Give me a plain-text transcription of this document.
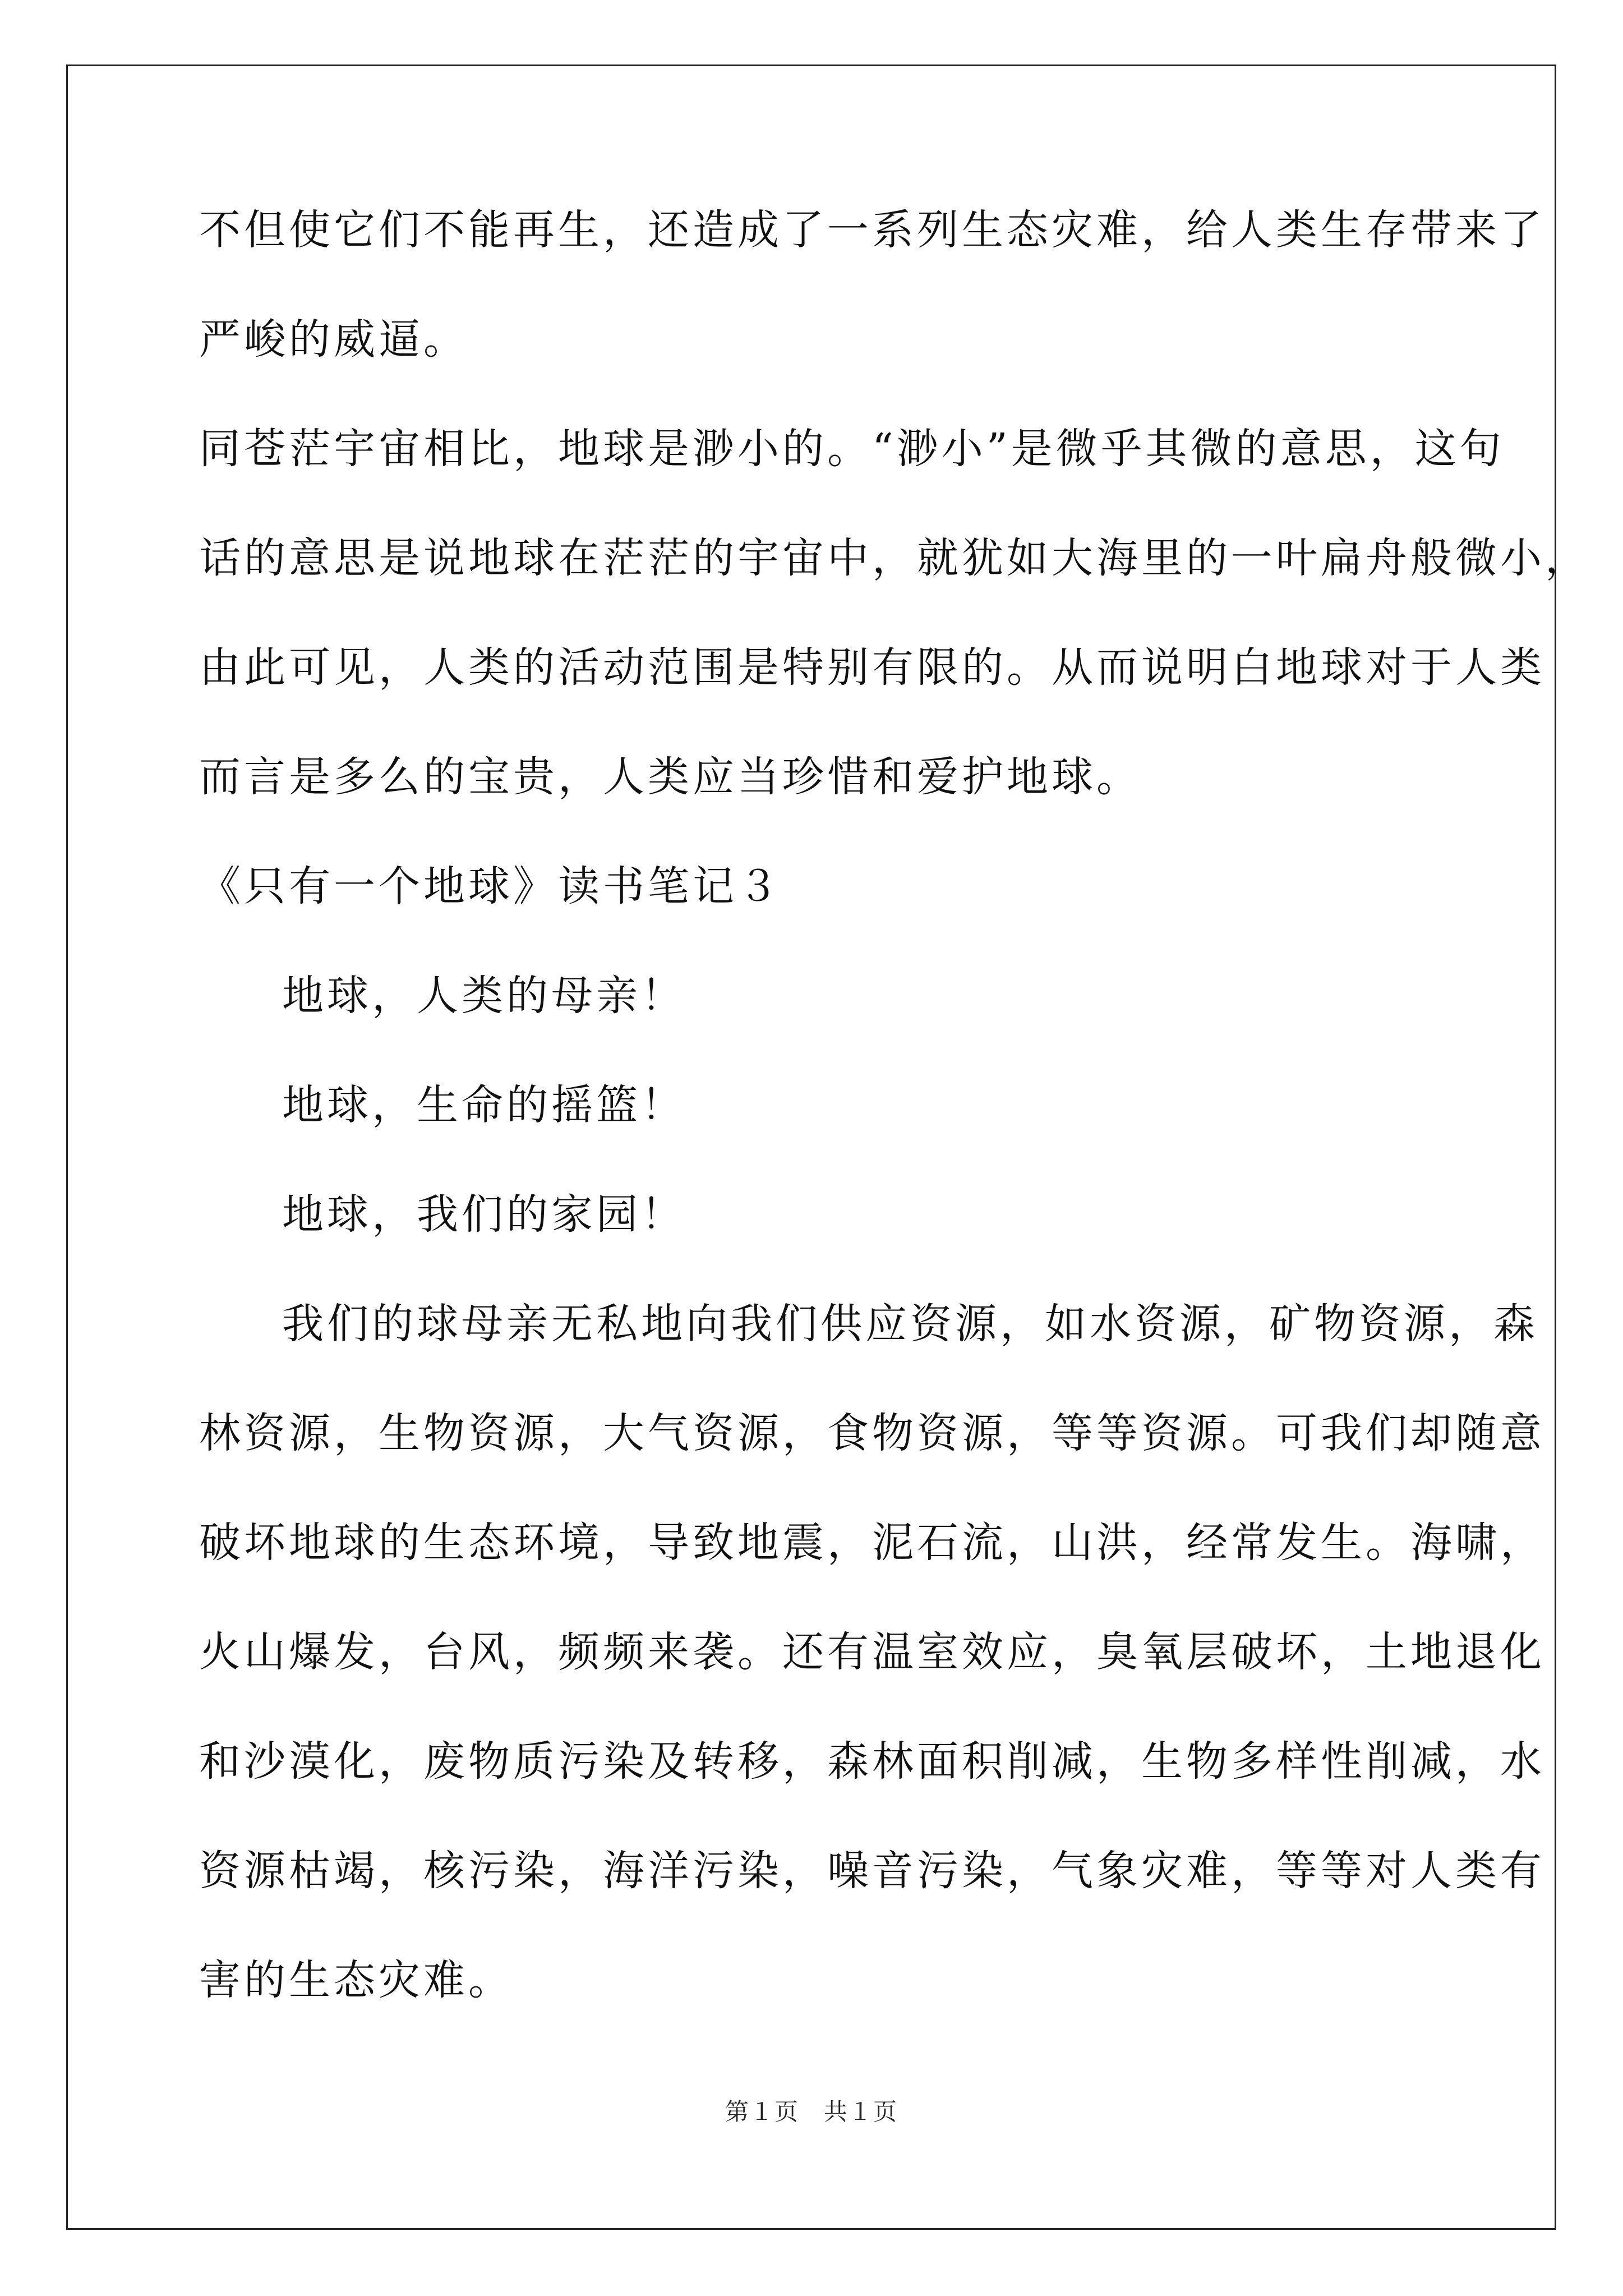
不但使它们不能再生，还造成了一系列生态灾难，给人类生存带来了
严峻的威逼。
同苍茫宇宙相比，地球是渺小的。“渺小”是微乎其微的意思，这句
话的意思是说地球在茫茫的宇宙中，就犹如大海里的一叶扁舟般微小，
由此可见，人类的活动范围是特别有限的。从而说明白地球对于人类
而言是多么的宝贵，人类应当珍惜和爱护地球。
《只有一个地球》读书笔记３
地球，人类的母亲！
地球，生命的摇篮！
地球，我们的家园！
我们的球母亲无私地向我们供应资源，如水资源，矿物资源，森
林资源，生物资源，大气资源，食物资源，等等资源。可我们却随意
破坏地球的生态环境，导致地震，泥石流，山洪，经常发生。海啸，
火山爆发，台风，频频来袭。还有温室效应，臭氧层破坏，土地退化
和沙漠化，废物质污染及转移，森林面积削减，生物多样性削减，水
资源枯竭，核污染，海洋污染，噪音污染，气象灾难，等等对人类有
害的生态灾难。
第１页　共１页
